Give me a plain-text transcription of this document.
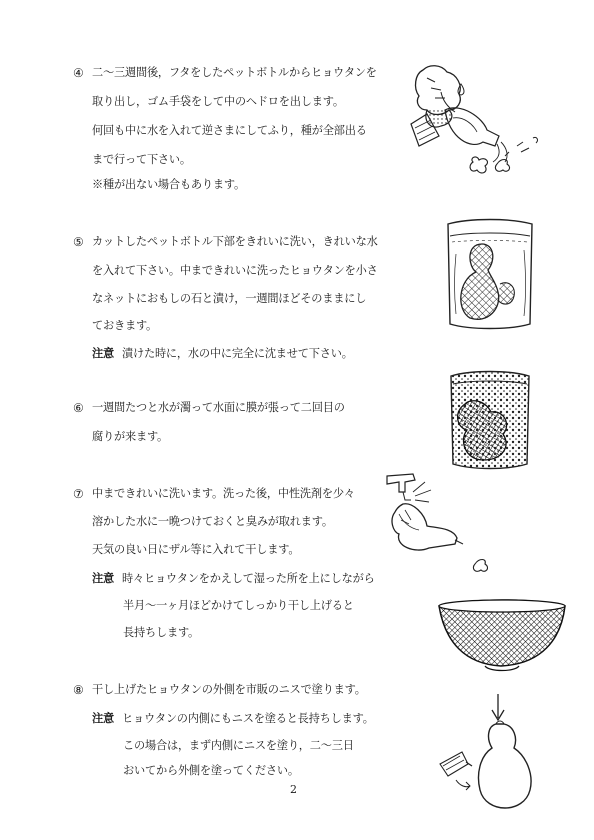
④ 二〜三週間後，フタをしたペットボトルからヒョウタンを
取り出し，ゴム手袋をして中のヘドロを出します。
何回も中に水を入れて逆さまにしてふり，種が全部出る
まで行って下さい。
※種が出ない場合もあります。
⑤ カットしたペットボトル下部をきれいに洗い，きれいな水
を入れて下さい。中まできれいに洗ったヒョウタンを小さ
なネットにおもしの石と漬け，一週間ほどそのままにし
ておきます。
注意 漬けた時に，水の中に完全に沈ませて下さい。
⑥ 一週間たつと水が濁って水面に膜が張って二回目の
腐りが来ます。
⑦ 中まできれいに洗います。洗った後，中性洗剤を少々
溶かした水に一晩つけておくと臭みが取れます。
天気の良い日にザル等に入れて干します。
注意 時々ヒョウタンをかえして湿った所を上にしながら
半月〜一ヶ月ほどかけてしっかり干し上げると
長持ちします。
⑧ 干し上げたヒョウタンの外側を市販のニスで塗ります。
注意 ヒョウタンの内側にもニスを塗ると長持ちします。
この場合は，まず内側にニスを塗り，二〜三日
おいてから外側を塗ってください。
2
